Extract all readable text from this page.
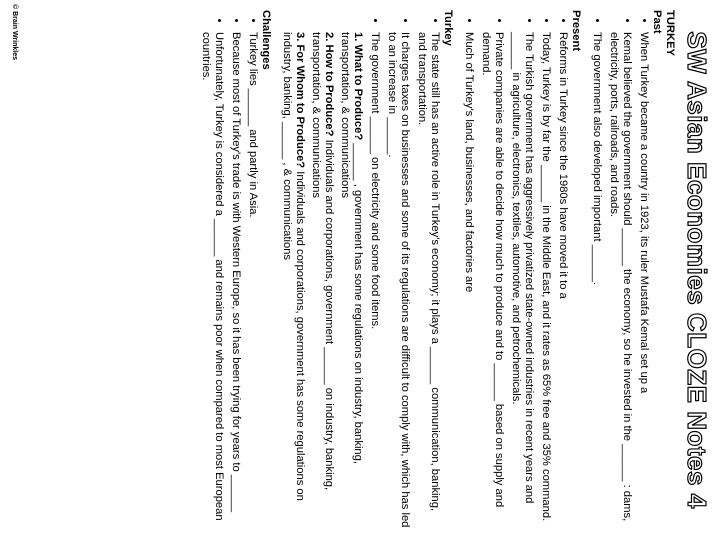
SW Asian Economies CLOZE Notes 4
TURKEY
Past
• When Turkey became a country in 1923, its ruler Mustafa Kemal set up a
• Kemal believed the government should ______ the economy, so he invested in the ______ : dams, electricity, ports, railroads, and roads.
• The government also developed important ______.
Present
• Reforms in Turkey since the 1980s have moved it to a
• Today, Turkey is by far the ______ in the Middle East, and it rates as 65% free and 35% command.
• The Turkish government has aggressively privatized state-owned industries in recent years and ______ in agriculture, electronics, textiles, automotive, and petrochemicals.
• Private companies are able to decide how much to produce and to ______ based on supply and demand.
• Much of Turkey's land, businesses, and factories are
Turkey
• The state still has an active role in Turkey's economy; it plays a ______ communication, banking, and transportation.
• It charges taxes on businesses and some of its regulations are difficult to comply with, which has led to an increase in ______.
• The government ______ on electricity and some food items.
1. What to Produce? ______ , government has some regulations on industry, banking, transportation, & communications
2. How to Produce? Individuals and corporations, government ______ on industry, banking, transportation, & communications
3. For Whom to Produce? Individuals and corporations, government has some regulations on industry, banking, ______ , & communications
Challenges
• Turkey lies ______ and partly in Asia.
• Because most of Turkey's trade is with Western Europe, so it has been trying for years to ______
• Unfortunately, Turkey is considered a ______ and remains poor when compared to most European countries.
© Brain Wrinkles
